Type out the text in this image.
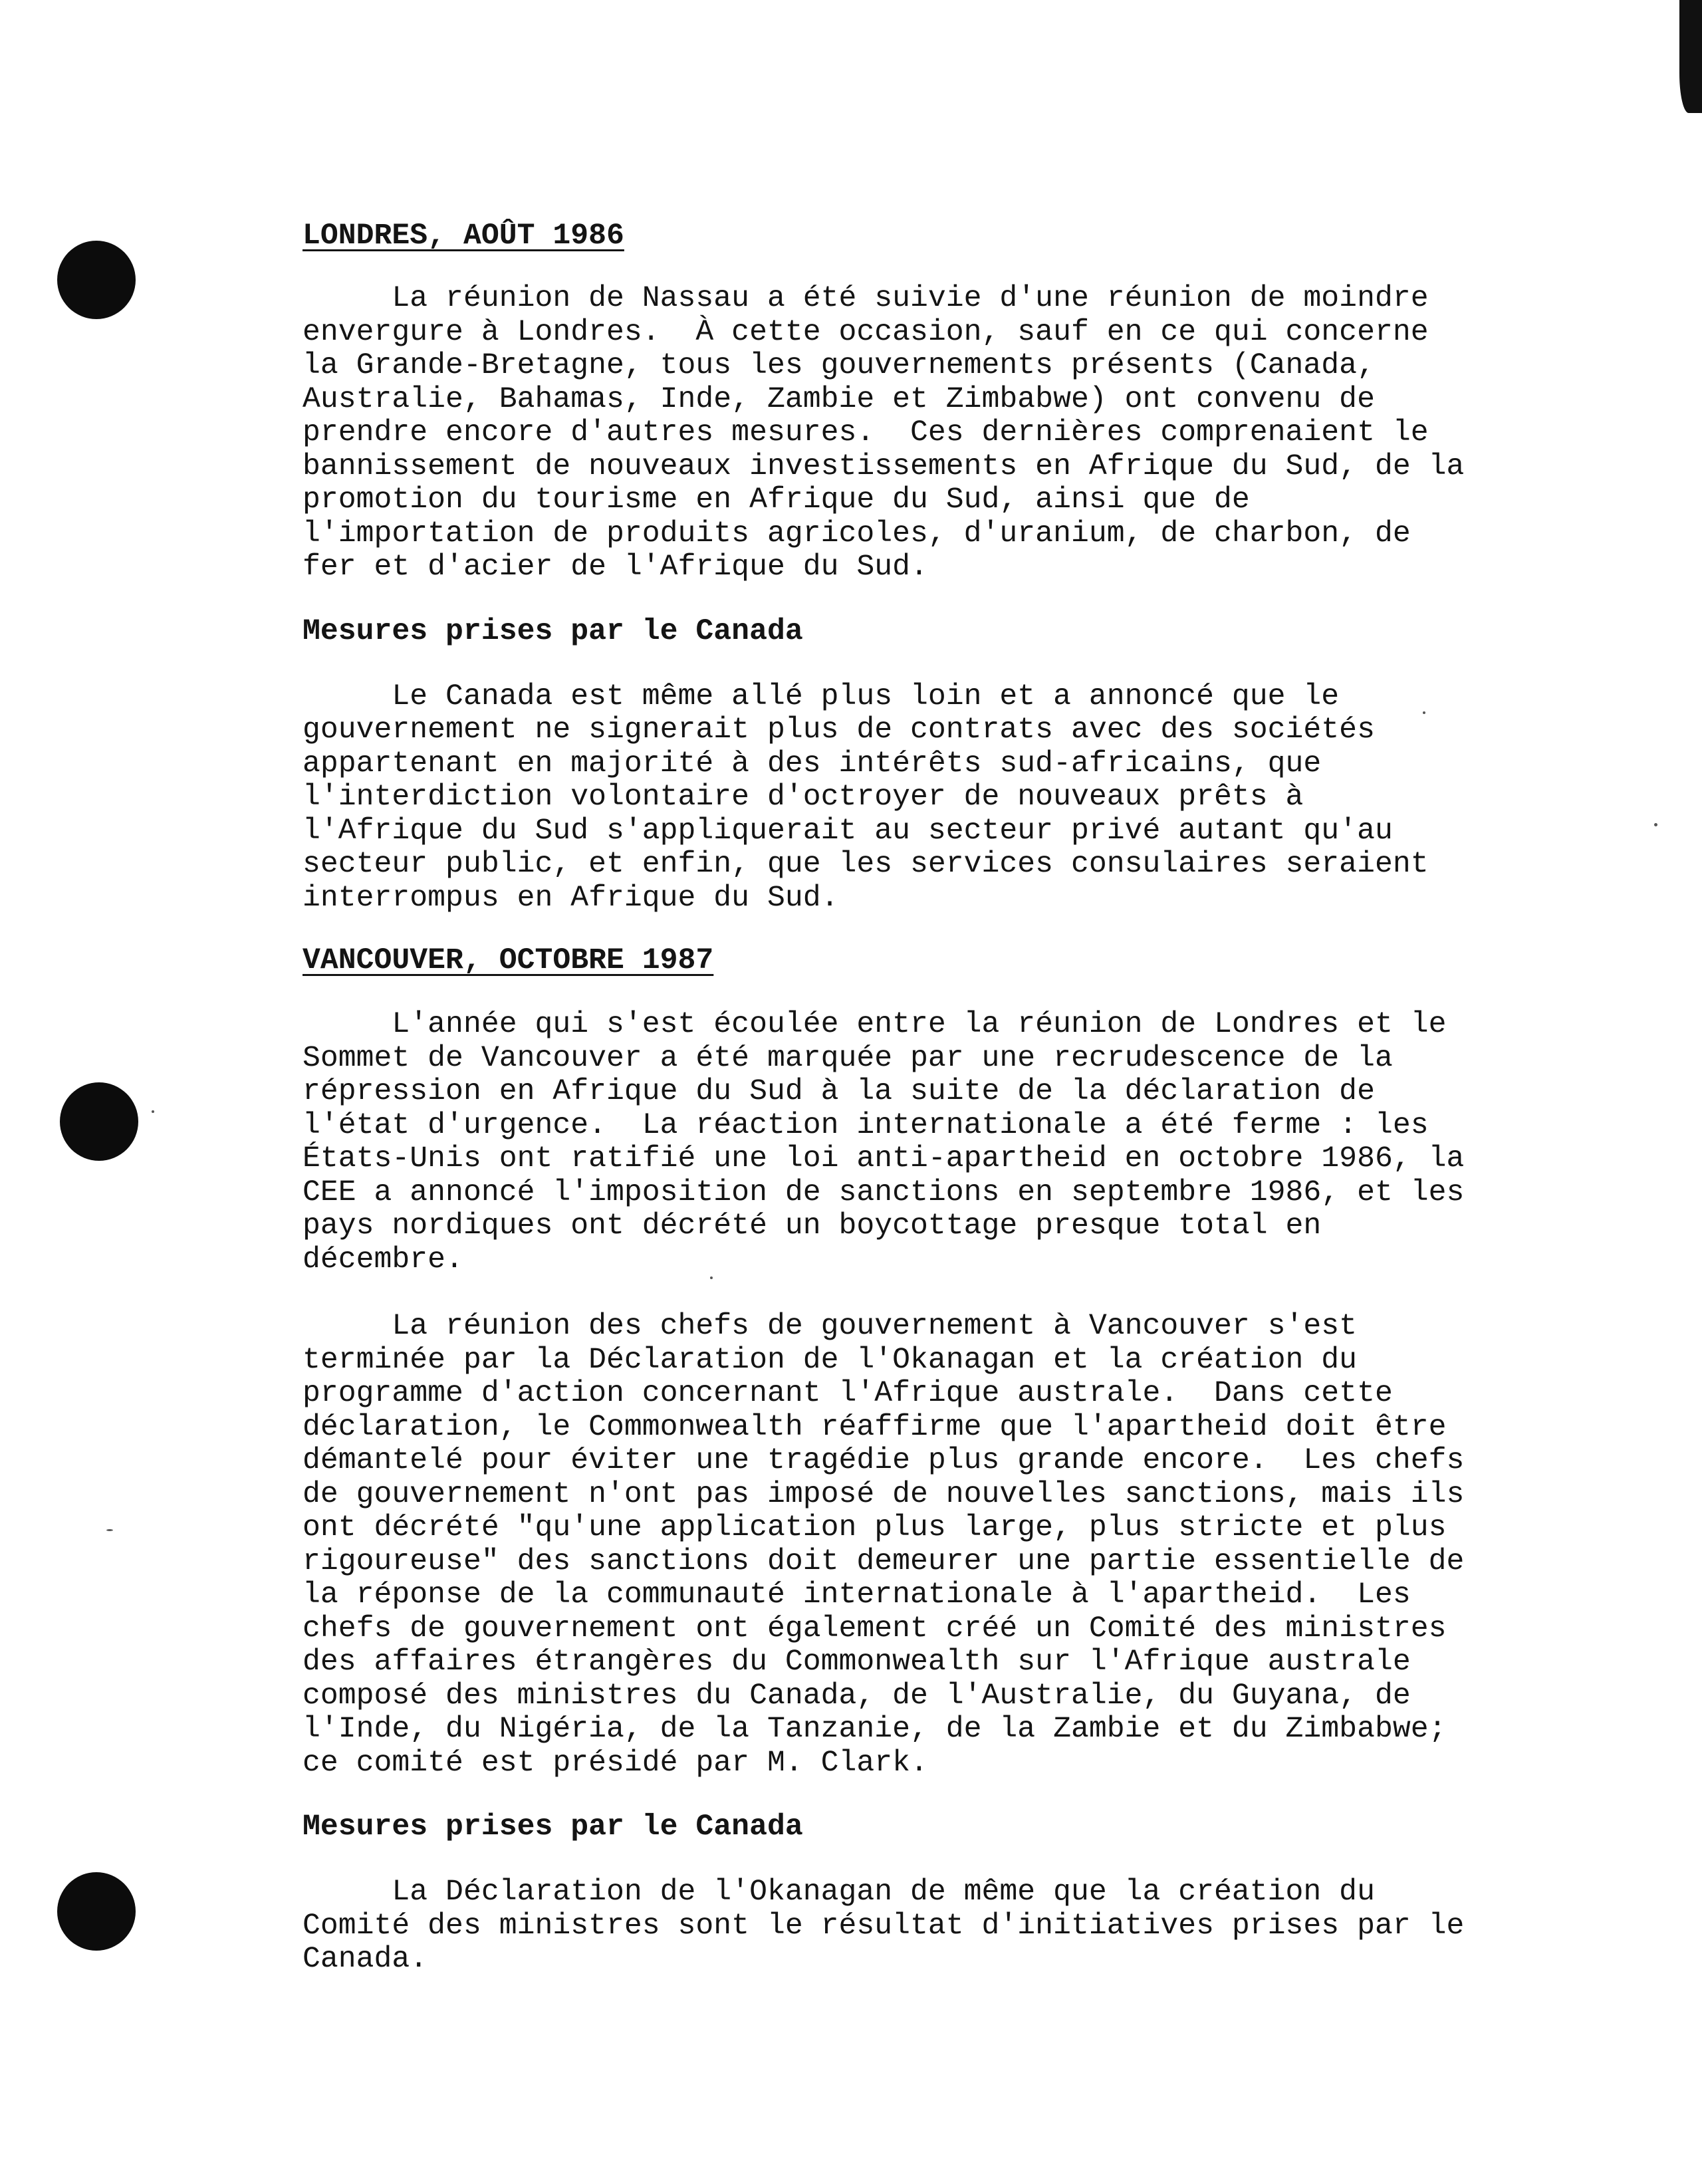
LONDRES, AOÛT 1986

La réunion de Nassau a été suivie d'une réunion de moindre
envergure à Londres.  À cette occasion, sauf en ce qui concerne
la Grande-Bretagne, tous les gouvernements présents (Canada,
Australie, Bahamas, Inde, Zambie et Zimbabwe) ont convenu de
prendre encore d'autres mesures.  Ces dernières comprenaient le
bannissement de nouveaux investissements en Afrique du Sud, de la
promotion du tourisme en Afrique du Sud, ainsi que de
l'importation de produits agricoles, d'uranium, de charbon, de
fer et d'acier de l'Afrique du Sud.

Mesures prises par le Canada

Le Canada est même allé plus loin et a annoncé que le
gouvernement ne signerait plus de contrats avec des sociétés
appartenant en majorité à des intérêts sud-africains, que
l'interdiction volontaire d'octroyer de nouveaux prêts à
l'Afrique du Sud s'appliquerait au secteur privé autant qu'au
secteur public, et enfin, que les services consulaires seraient
interrompus en Afrique du Sud.

VANCOUVER, OCTOBRE 1987

L'année qui s'est écoulée entre la réunion de Londres et le
Sommet de Vancouver a été marquée par une recrudescence de la
répression en Afrique du Sud à la suite de la déclaration de
l'état d'urgence.  La réaction internationale a été ferme : les
États-Unis ont ratifié une loi anti-apartheid en octobre 1986, la
CEE a annoncé l'imposition de sanctions en septembre 1986, et les
pays nordiques ont décrété un boycottage presque total en
décembre.

La réunion des chefs de gouvernement à Vancouver s'est
terminée par la Déclaration de l'Okanagan et la création du
programme d'action concernant l'Afrique australe.  Dans cette
déclaration, le Commonwealth réaffirme que l'apartheid doit être
démantelé pour éviter une tragédie plus grande encore.  Les chefs
de gouvernement n'ont pas imposé de nouvelles sanctions, mais ils
ont décrété "qu'une application plus large, plus stricte et plus
rigoureuse" des sanctions doit demeurer une partie essentielle de
la réponse de la communauté internationale à l'apartheid.  Les
chefs de gouvernement ont également créé un Comité des ministres
des affaires étrangères du Commonwealth sur l'Afrique australe
composé des ministres du Canada, de l'Australie, du Guyana, de
l'Inde, du Nigéria, de la Tanzanie, de la Zambie et du Zimbabwe;
ce comité est présidé par M. Clark.

Mesures prises par le Canada

La Déclaration de l'Okanagan de même que la création du
Comité des ministres sont le résultat d'initiatives prises par le
Canada.
